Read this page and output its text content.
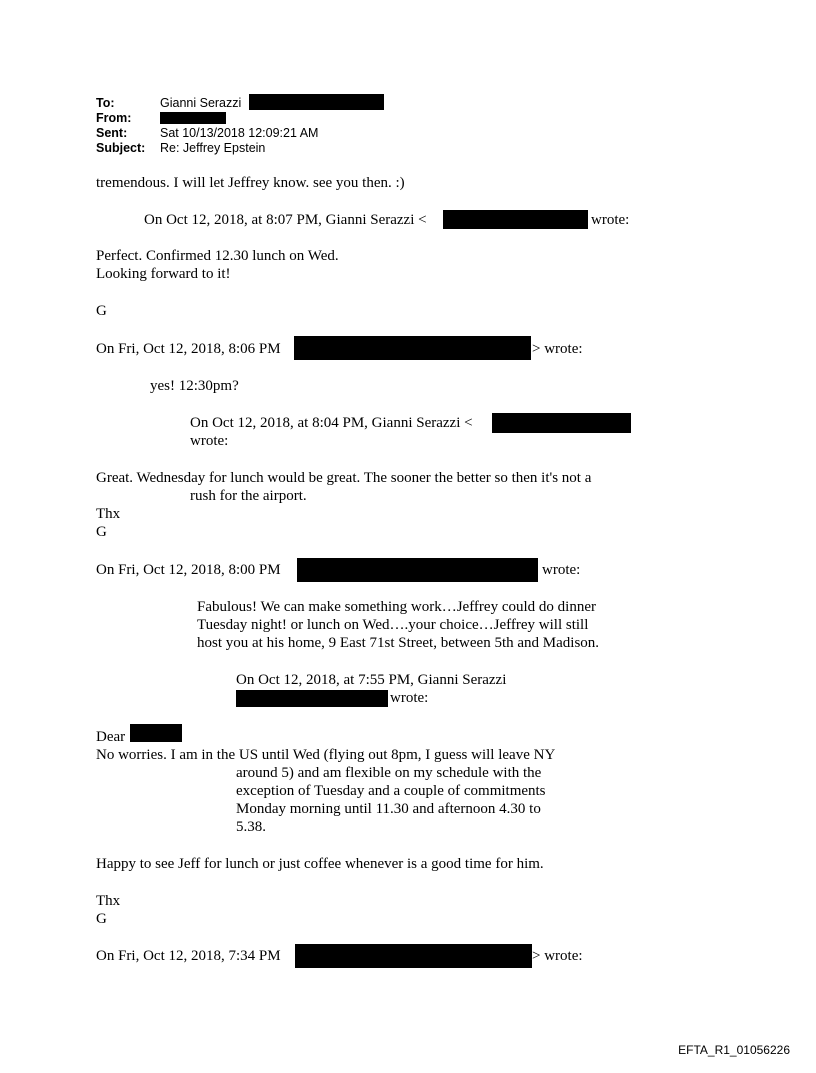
To:	Gianni Serazzi
From:
Sent:	Sat 10/13/2018 12:09:21 AM
Subject: Re: Jeffrey Epstein
tremendous. I will let Jeffrey know. see you then. :)
On Oct 12, 2018, at 8:07 PM, Gianni Serazzi <	wrote:
Perfect. Confirmed 12.30 lunch on Wed.
Looking forward to it!
G
On Fri, Oct 12, 2018, 8:06 PM	> wrote:
yes! 12:30pm?
On Oct 12, 2018, at 8:04 PM, Gianni Serazzi <
wrote:
Great. Wednesday for lunch would be great. The sooner the better so then it's not a
rush for the airport.
Thx
G
On Fri, Oct 12, 2018, 8:00 PM	wrote:
Fabulous! We can make something work…Jeffrey could do dinner
Tuesday night! or lunch on Wed….your choice…Jeffrey will still
host you at his home, 9 East 71st Street, between 5th and Madison.
On Oct 12, 2018, at 7:55 PM, Gianni Serazzi
wrote:
Dear
No worries. I am in the US until Wed (flying out 8pm, I guess will leave NY
around 5) and am flexible on my schedule with the
exception of Tuesday and a couple of commitments
Monday morning until 11.30 and afternoon 4.30 to
5.38.
Happy to see Jeff for lunch or just coffee whenever is a good time for him.
Thx
G
On Fri, Oct 12, 2018, 7:34 PM	> wrote:
EFTA_R1_01056226
